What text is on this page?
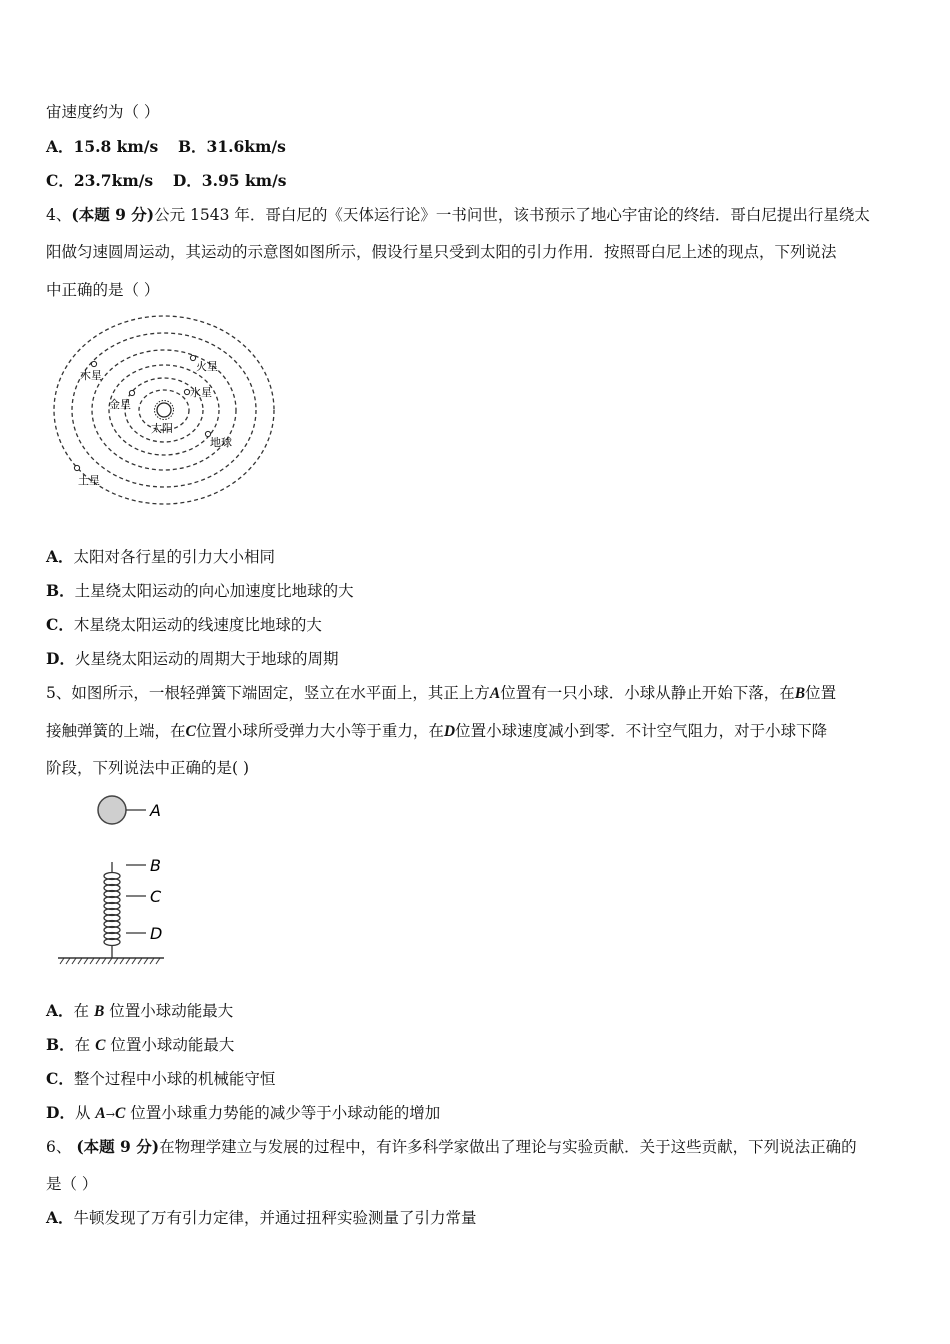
宙速度约为（ ）
A．15.8 km/s B．31.6km/s
C．23.7km/s D．3.95 km/s
4、(本题 9 分)公元 1543 年．哥白尼的《天体运行论》一书问世，该书预示了地心宇宙论的终结．哥白尼提出行星绕太
阳做匀速圆周运动，其运动的示意图如图所示，假设行星只受到太阳的引力作用．按照哥白尼上述的现点，下列说法
中正确的是（ ）
木星
火星
金星
水星
太阳
地球
土星
A．太阳对各行星的引力大小相同
B．土星绕太阳运动的向心加速度比地球的大
C．木星绕太阳运动的线速度比地球的大
D．火星绕太阳运动的周期大于地球的周期
5、如图所示，一根轻弹簧下端固定，竖立在水平面上，其正上方A位置有一只小球．小球从静止开始下落，在B位置
接触弹簧的上端，在C位置小球所受弹力大小等于重力，在D位置小球速度减小到零．不计空气阻力，对于小球下降
阶段，下列说法中正确的是( )
A
B
C
D
A．在 B 位置小球动能最大
B．在 C 位置小球动能最大
C．整个过程中小球的机械能守恒
D．从 A→C 位置小球重力势能的减少等于小球动能的增加
6、 (本题 9 分)在物理学建立与发展的过程中，有许多科学家做出了理论与实验贡献．关于这些贡献，下列说法正确的
是（ ）
A．牛顿发现了万有引力定律，并通过扭秤实验测量了引力常量
